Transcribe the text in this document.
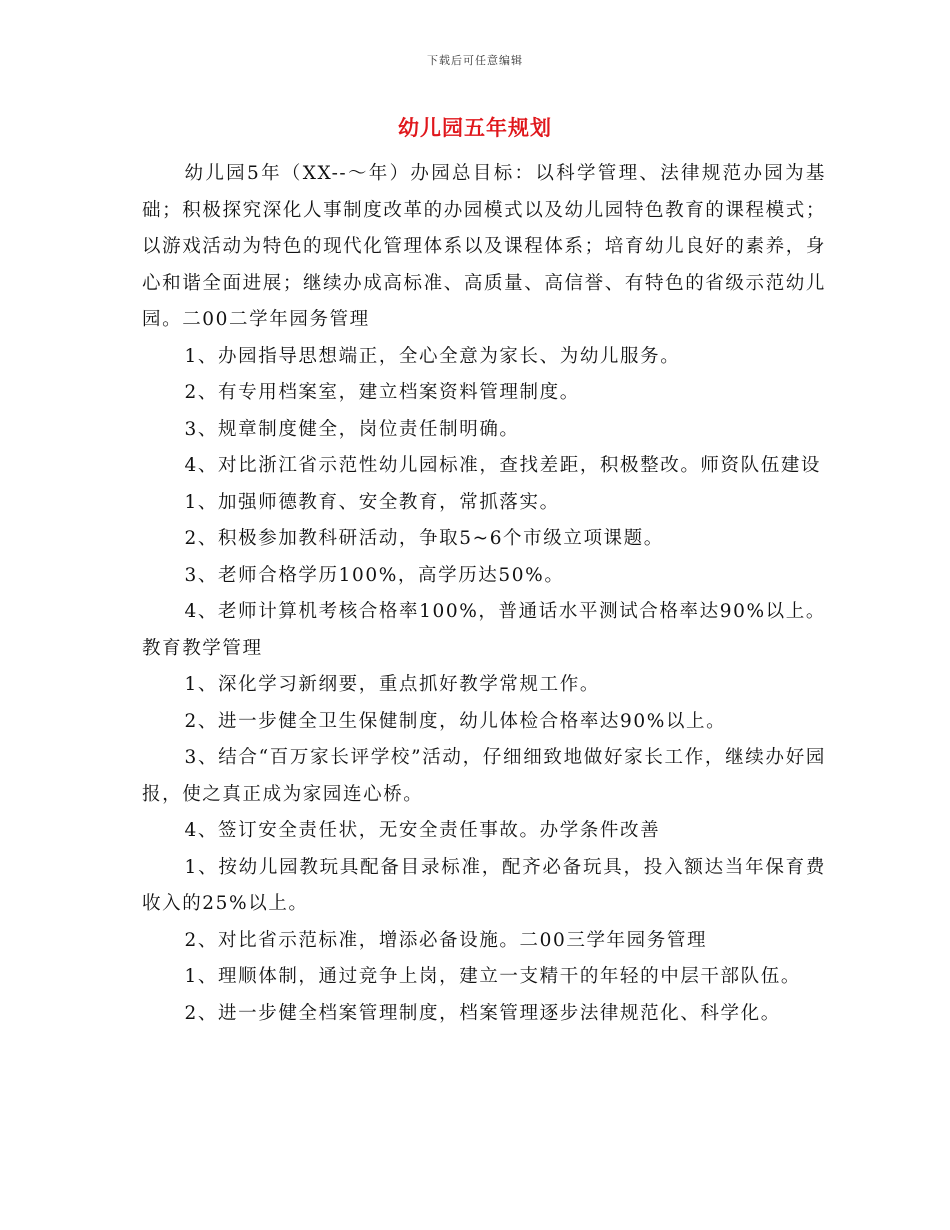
下载后可任意编辑
幼儿园五年规划

幼儿园5年（XX--～年）办园总目标：以科学管理、法律规范办园为基础；积极探究深化人事制度改革的办园模式以及幼儿园特色教育的课程模式；以游戏活动为特色的现代化管理体系以及课程体系；培育幼儿良好的素养，身心和谐全面进展；继续办成高标准、高质量、高信誉、有特色的省级示范幼儿园。二00二学年园务管理

1、办园指导思想端正，全心全意为家长、为幼儿服务。

2、有专用档案室，建立档案资料管理制度。

3、规章制度健全，岗位责任制明确。

4、对比浙江省示范性幼儿园标准，查找差距，积极整改。师资队伍建设

1、加强师德教育、安全教育，常抓落实。

2、积极参加教科研活动，争取5~6个市级立项课题。

3、老师合格学历100%，高学历达50%。

4、老师计算机考核合格率100%，普通话水平测试合格率达90%以上。教育教学管理

1、深化学习新纲要，重点抓好教学常规工作。

2、进一步健全卫生保健制度，幼儿体检合格率达90%以上。

3、结合“百万家长评学校”活动，仔细细致地做好家长工作，继续办好园报，使之真正成为家园连心桥。

4、签订安全责任状，无安全责任事故。办学条件改善

1、按幼儿园教玩具配备目录标准，配齐必备玩具，投入额达当年保育费收入的25%以上。

2、对比省示范标准，增添必备设施。二00三学年园务管理

1、理顺体制，通过竞争上岗，建立一支精干的年轻的中层干部队伍。

2、进一步健全档案管理制度，档案管理逐步法律规范化、科学化。
